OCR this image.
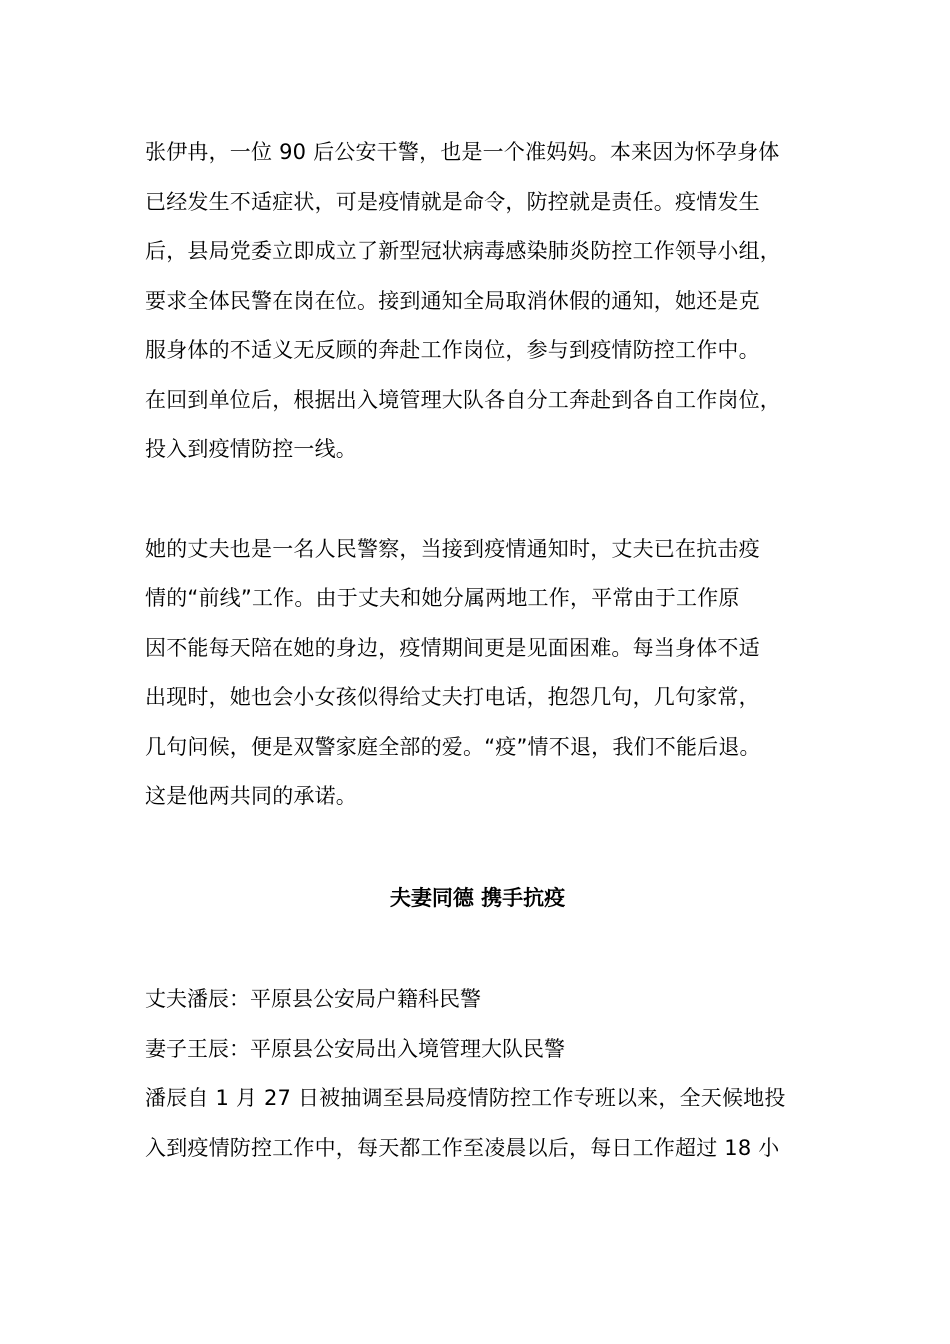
张伊冉，一位 90 后公安干警，也是一个准妈妈。本来因为怀孕身体
已经发生不适症状，可是疫情就是命令，防控就是责任。疫情发生
后，县局党委立即成立了新型冠状病毒感染肺炎防控工作领导小组，
要求全体民警在岗在位。接到通知全局取消休假的通知，她还是克
服身体的不适义无反顾的奔赴工作岗位，参与到疫情防控工作中。
在回到单位后，根据出入境管理大队各自分工奔赴到各自工作岗位，
投入到疫情防控一线。

她的丈夫也是一名人民警察，当接到疫情通知时，丈夫已在抗击疫
情的“前线”工作。由于丈夫和她分属两地工作，平常由于工作原
因不能每天陪在她的身边，疫情期间更是见面困难。每当身体不适
出现时，她也会小女孩似得给丈夫打电话，抱怨几句，几句家常，
几句问候，便是双警家庭全部的爱。“疫”情不退，我们不能后退。
这是他两共同的承诺。

夫妻同德 携手抗疫

丈夫潘辰：平原县公安局户籍科民警

妻子王辰：平原县公安局出入境管理大队民警

潘辰自 1 月 27 日被抽调至县局疫情防控工作专班以来，全天候地投
入到疫情防控工作中，每天都工作至凌晨以后，每日工作超过 18 小
